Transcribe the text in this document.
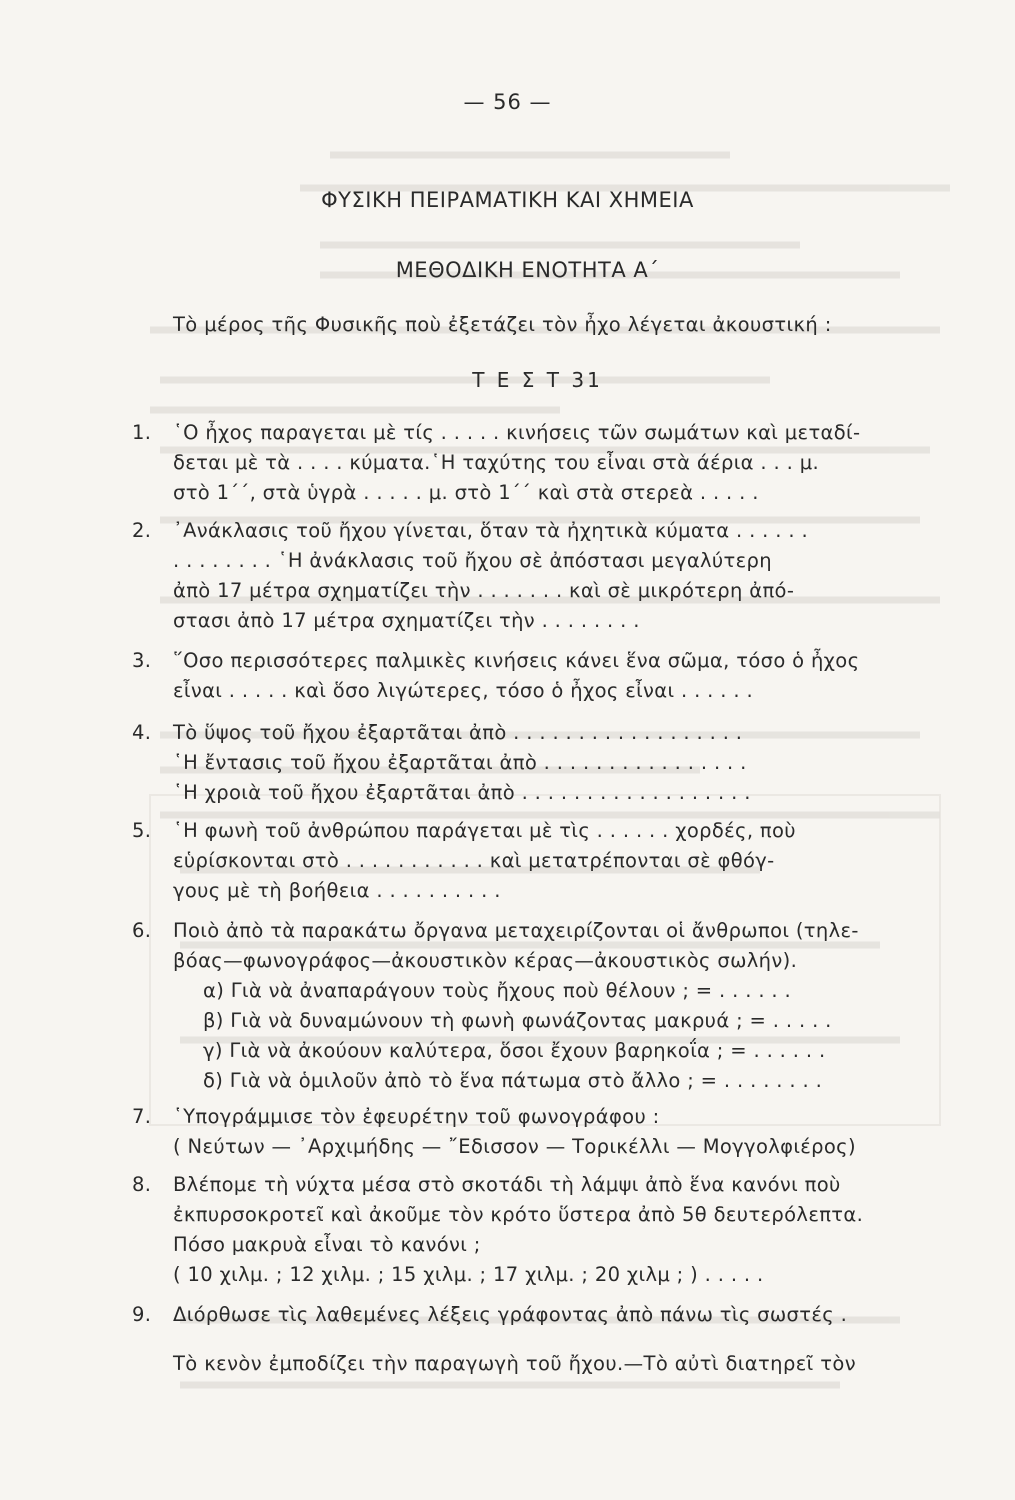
— 56 —
ΦΥΣΙΚΗ ΠΕΙΡΑΜΑΤΙΚΗ ΚΑΙ ΧΗΜΕΙΑ
ΜΕΘΟΔΙΚΗ ΕΝΟΤΗΤΑ Α΄
Τὸ μέρος τῆς Φυσικῆς ποὺ ἐξετάζει τὸν ἦχο λέγεται ἀκουστική :
Τ Ε Σ Τ 31
1.	῾Ο ἦχος παραγεται μὲ τίς . . . . . κινήσεις τῶν σωμάτων καὶ μεταδί-
δεται μὲ τὰ . . . . κύματα.῾Η ταχύτης του εἶναι στὰ άέρια . . . μ.
στὸ 1΄΄, στὰ ὑγρὰ . . . . . μ. στὸ 1΄΄ καὶ στὰ στερεὰ . . . . .
2.	᾿Ανάκλασις τοῦ ἤχου γίνεται, ὅταν τὰ ἠχητικὰ κύματα . . . . . .
. . . . . . . . ῾Η ἀνάκλασις τοῦ ἤχου σὲ ἀπόστασι μεγαλύτερη
ἀπὸ 17 μέτρα σχηματίζει τὴν . . . . . . . καὶ σὲ μικρότερη ἀπό-
στασι ἀπὸ 17 μέτρα σχηματίζει τὴν . . . . . . . .
3.	῞Οσο περισσότερες παλμικὲς κινήσεις κάνει ἕνα σῶμα, τόσο ὁ ἦχος
εἶναι . . . . . καὶ ὅσο λιγώτερες, τόσο ὁ ἦχος εἶναι . . . . . .
4.	Τὸ ὕψος τοῦ ἤχου ἐξαρτᾶται ἀπὸ . . . . . . . . . . . . . . . . . .
῾Η ἔντασις τοῦ ἤχου ἐξαρτᾶται ἀπὸ . . . . . . . . . . . . . . . .
῾Η χροιὰ τοῦ ἤχου ἐξαρτᾶται ἀπὸ . . . . . . . . . . . . . . . . . .
5.	῾Η φωνὴ τοῦ ἀνθρώπου παράγεται μὲ τὶς . . . . . . χορδές, ποὺ
εὑρίσκονται στὸ . . . . . . . . . . . καὶ μετατρέπονται σὲ φθόγ-
γους μὲ τὴ βοήθεια . . . . . . . . . .
6.	Ποιὸ ἀπὸ τὰ παρακάτω ὄργανα μεταχειρίζονται οἱ ἄνθρωποι (τηλε-
βόας—φωνογράφος—ἀκουστικὸν κέρας—ἀκουστικὸς σωλήν).
α) Γιὰ νὰ ἀναπαράγουν τοὺς ἤχους ποὺ θέλουν ; = . . . . . .
β) Γιὰ νὰ δυναμώνουν τὴ φωνὴ φωνάζοντας μακρυά ; = . . . . .
γ) Γιὰ νὰ ἀκούουν καλύτερα, ὅσοι ἔχουν βαρηκοΐα ; = . . . . . .
δ) Γιὰ νὰ ὁμιλοῦν ἀπὸ τὸ ἕνα πάτωμα στὸ ἄλλο ; = . . . . . . . .
7.	῾Υπογράμμισε τὸν ἐφευρέτην τοῦ φωνογράφου :
( Νεύτων — ᾿Αρχιμήδης — ῎Εδισσον — Τορικέλλι — Μογγολφιέρος)
8.	Βλέπομε τὴ νύχτα μέσα στὸ σκοτάδι τὴ λάμψι ἀπὸ ἕνα κανόνι ποὺ
ἐκπυρσοκροτεῖ καὶ ἀκοῦμε τὸν κρότο ὕστερα ἀπὸ 5θ δευτερόλεπτα.
Πόσο μακρυὰ εἶναι τὸ κανόνι ;
( 10 χιλμ. ; 12 χιλμ. ; 15 χιλμ. ; 17 χιλμ. ; 20 χιλμ ; ) . . . . .
9.	Διόρθωσε τὶς λαθεμένες λέξεις γράφοντας ἀπὸ πάνω τὶς σωστές .
Τὸ κενὸν ἐμποδίζει τὴν παραγωγὴ τοῦ ἤχου.—Τὸ αὐτὶ διατηρεῖ τὸν
